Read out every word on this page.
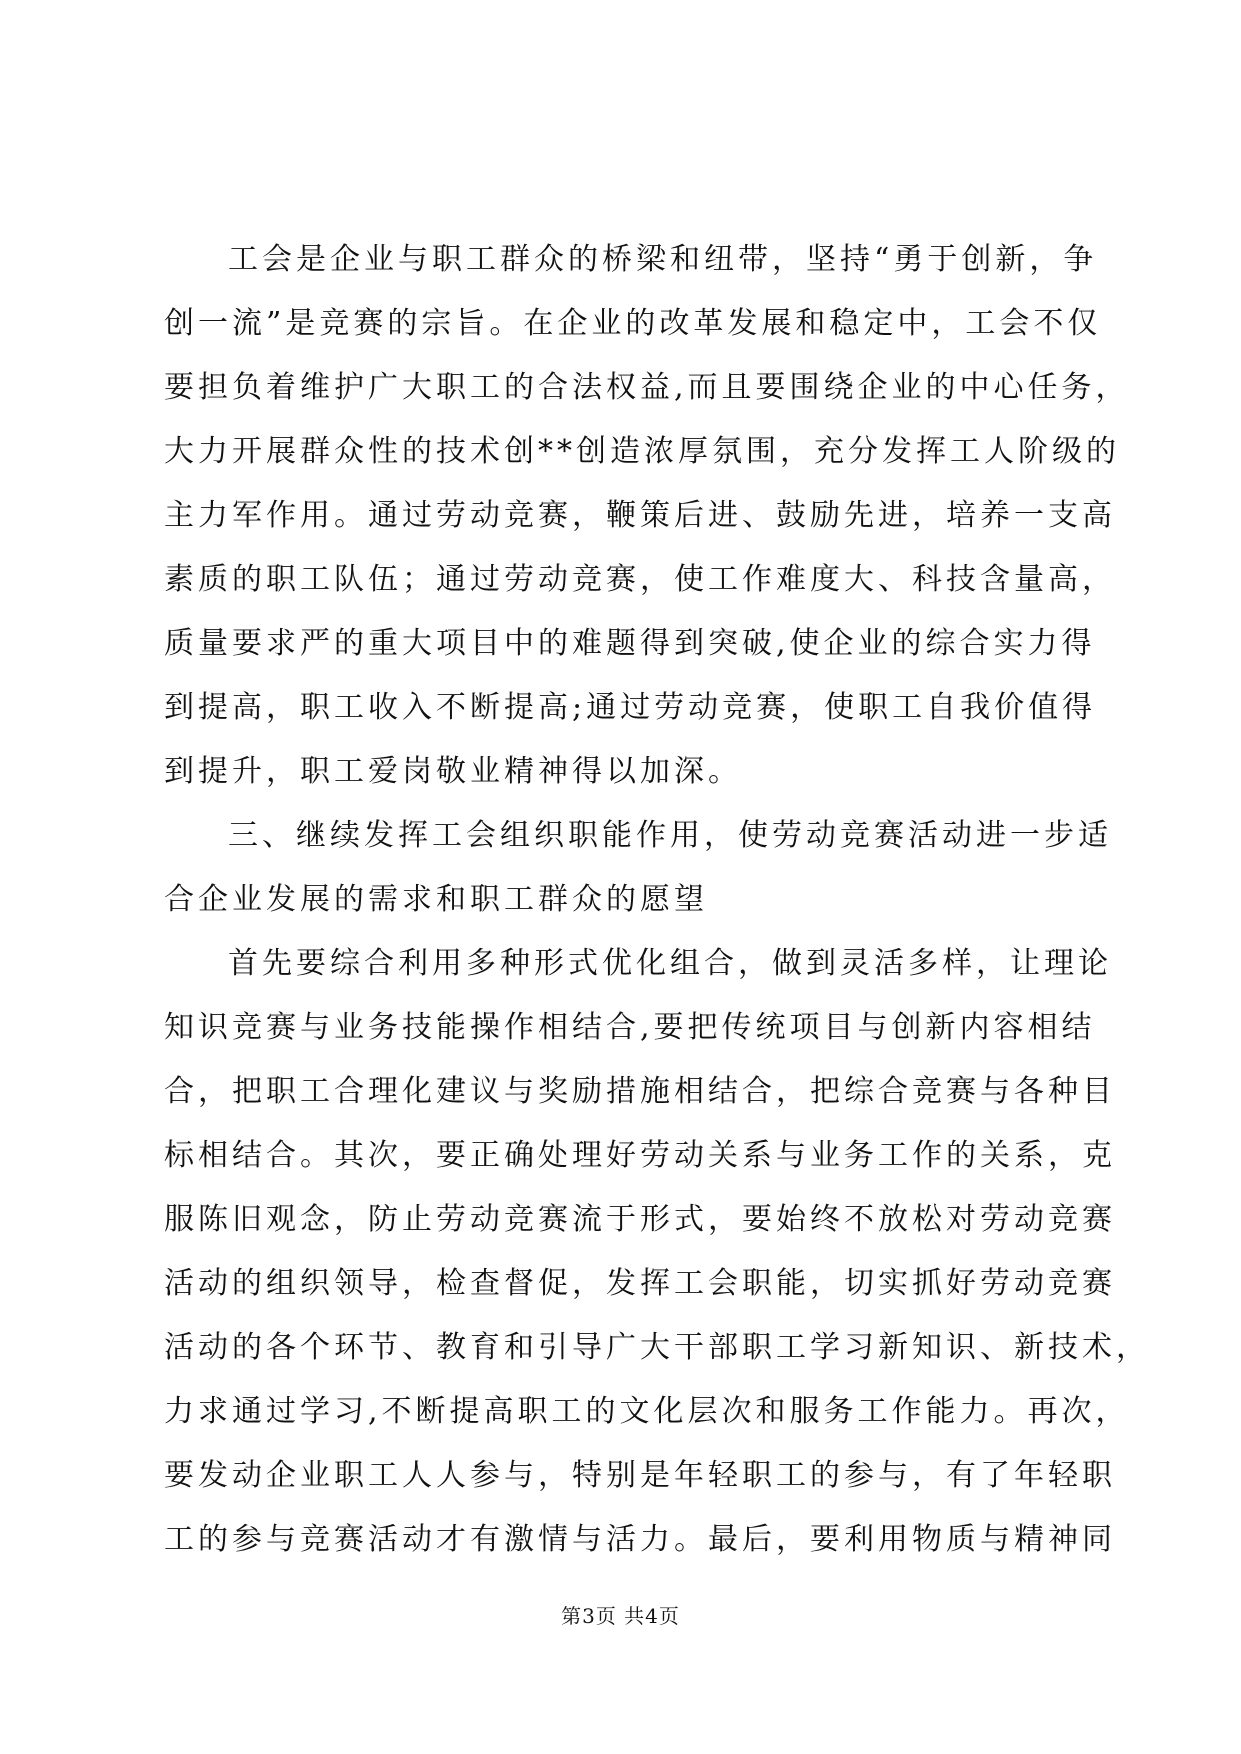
工会是企业与职工群众的桥梁和纽带，坚持“勇于创新，争
创一流”是竞赛的宗旨。在企业的改革发展和稳定中，工会不仅
要担负着维护广大职工的合法权益,而且要围绕企业的中心任务，
大力开展群众性的技术创**创造浓厚氛围，充分发挥工人阶级的
主力军作用。通过劳动竞赛，鞭策后进、鼓励先进，培养一支高
素质的职工队伍；通过劳动竞赛，使工作难度大、科技含量高，
质量要求严的重大项目中的难题得到突破,使企业的综合实力得
到提高，职工收入不断提高;通过劳动竞赛，使职工自我价值得
到提升，职工爱岗敬业精神得以加深。
三、继续发挥工会组织职能作用，使劳动竞赛活动进一步适
合企业发展的需求和职工群众的愿望
首先要综合利用多种形式优化组合，做到灵活多样，让理论
知识竞赛与业务技能操作相结合,要把传统项目与创新内容相结
合，把职工合理化建议与奖励措施相结合，把综合竞赛与各种目
标相结合。其次，要正确处理好劳动关系与业务工作的关系，克
服陈旧观念，防止劳动竞赛流于形式，要始终不放松对劳动竞赛
活动的组织领导，检查督促，发挥工会职能，切实抓好劳动竞赛
活动的各个环节、教育和引导广大干部职工学习新知识、新技术，
力求通过学习,不断提高职工的文化层次和服务工作能力。再次，
要发动企业职工人人参与，特别是年轻职工的参与，有了年轻职
工的参与竞赛活动才有激情与活力。最后，要利用物质与精神同
第3页 共4页
